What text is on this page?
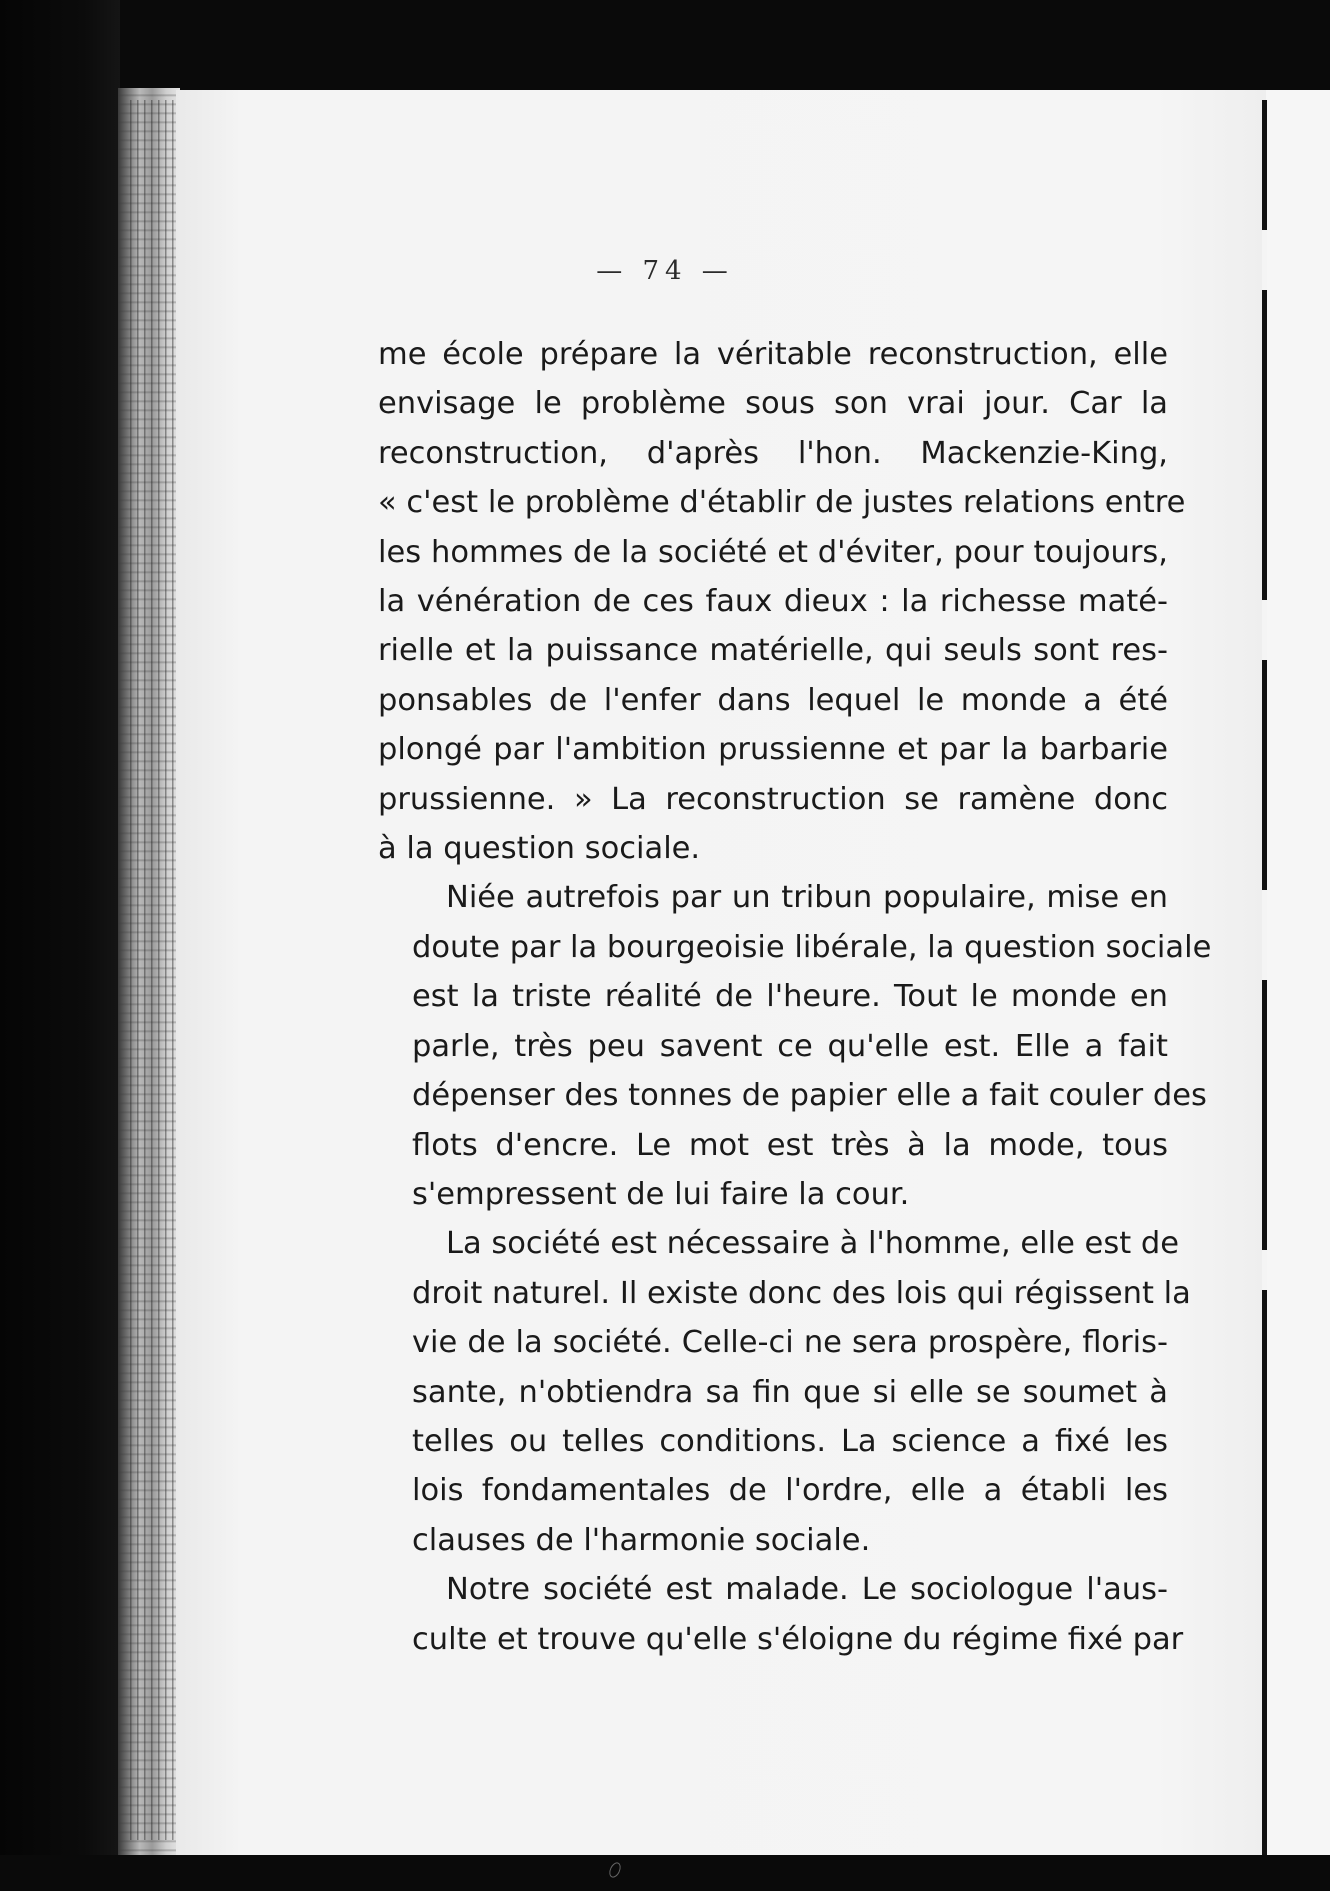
— 74 —

me école prépare la véritable reconstruction, elle
envisage le problème sous son vrai jour. Car la
reconstruction, d'après l'hon. Mackenzie-King,
« c'est le problème d'établir de justes relations entre
les hommes de la société et d'éviter, pour toujours,
la vénération de ces faux dieux : la richesse maté-
rielle et la puissance matérielle, qui seuls sont res-
ponsables de l'enfer dans lequel le monde a été
plongé par l'ambition prussienne et par la barbarie
prussienne. » La reconstruction se ramène donc
à la question sociale.

Niée autrefois par un tribun populaire, mise en
doute par la bourgeoisie libérale, la question sociale
est la triste réalité de l'heure. Tout le monde en
parle, très peu savent ce qu'elle est. Elle a fait
dépenser des tonnes de papier elle a fait couler des
flots d'encre. Le mot est très à la mode, tous
s'empressent de lui faire la cour.

La société est nécessaire à l'homme, elle est de
droit naturel. Il existe donc des lois qui régissent la
vie de la société. Celle-ci ne sera prospère, floris-
sante, n'obtiendra sa fin que si elle se soumet à
telles ou telles conditions. La science a fixé les
lois fondamentales de l'ordre, elle a établi les
clauses de l'harmonie sociale.

Notre société est malade. Le sociologue l'aus-
culte et trouve qu'elle s'éloigne du régime fixé par
